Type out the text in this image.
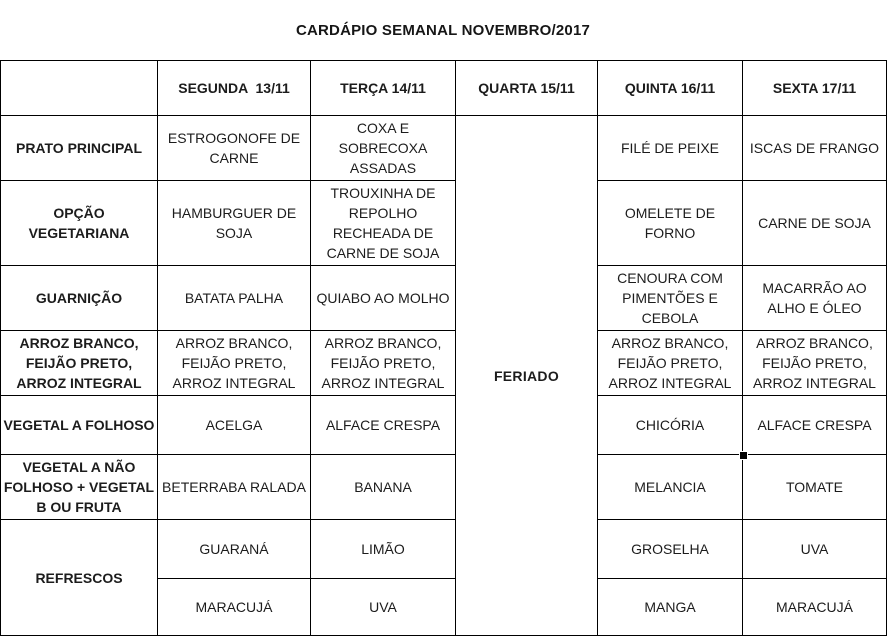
CARDÁPIO SEMANAL NOVEMBRO/2017
	SEGUNDA  13/11	TERÇA 14/11	QUARTA 15/11	QUINTA 16/11	SEXTA 17/11
PRATO PRINCIPAL	ESTROGONOFE DE CARNE	COXA E SOBRECOXA ASSADAS	FERIADO	FILÉ DE PEIXE	ISCAS DE FRANGO
OPÇÃO VEGETARIANA	HAMBURGUER DE SOJA	TROUXINHA DE REPOLHO RECHEADA DE CARNE DE SOJA		OMELETE DE FORNO	CARNE DE SOJA
GUARNIÇÃO	BATATA PALHA	QUIABO AO MOLHO		CENOURA COM PIMENTÕES E CEBOLA	MACARRÃO AO ALHO E ÓLEO
ARROZ BRANCO, FEIJÃO PRETO, ARROZ INTEGRAL	ARROZ BRANCO, FEIJÃO PRETO, ARROZ INTEGRAL	ARROZ BRANCO, FEIJÃO PRETO, ARROZ INTEGRAL		ARROZ BRANCO, FEIJÃO PRETO, ARROZ INTEGRAL	ARROZ BRANCO, FEIJÃO PRETO, ARROZ INTEGRAL
VEGETAL A FOLHOSO	ACELGA	ALFACE CRESPA		CHICÓRIA	ALFACE CRESPA
VEGETAL A NÃO FOLHOSO + VEGETAL B OU FRUTA	BETERRABA RALADA	BANANA		MELANCIA	TOMATE
REFRESCOS	GUARANÁ	LIMÃO		GROSELHA	UVA
	MARACUJÁ	UVA		MANGA	MARACUJÁ
